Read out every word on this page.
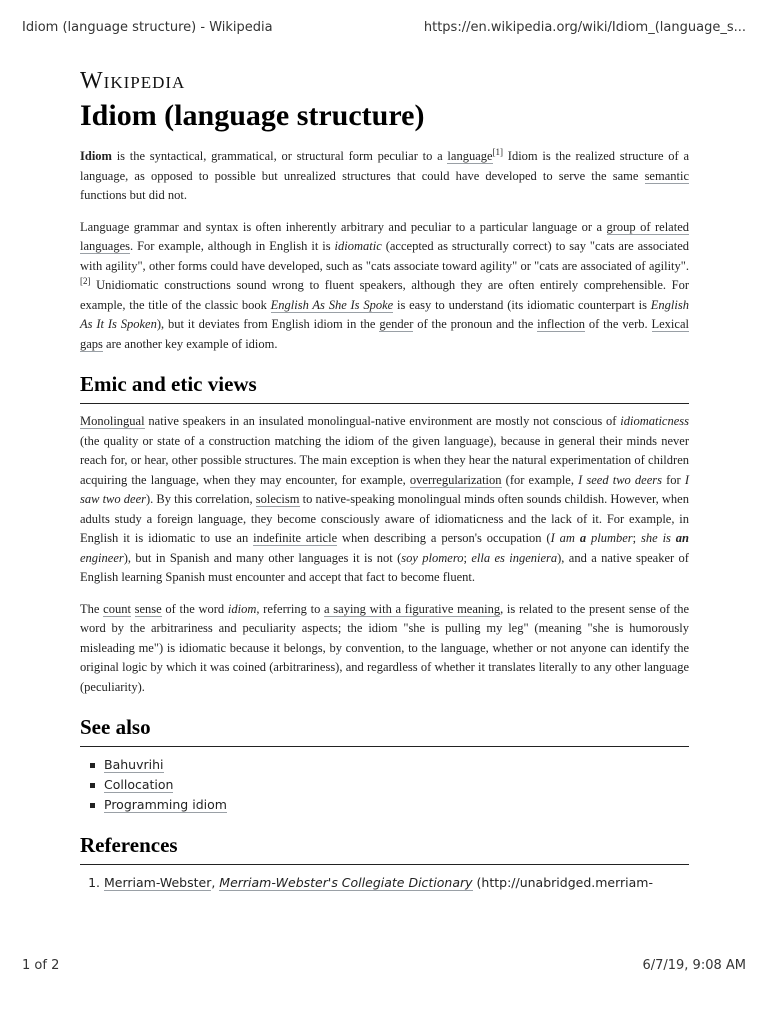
Idiom (language structure) - Wikipedia	https://en.wikipedia.org/wiki/Idiom_(language_s...
Wikipedia
Idiom (language structure)

Idiom is the syntactical, grammatical, or structural form peculiar to a language[1] Idiom is the realized structure of a language, as opposed to possible but unrealized structures that could have developed to serve the same semantic functions but did not.

Language grammar and syntax is often inherently arbitrary and peculiar to a particular language or a group of related languages. For example, although in English it is idiomatic (accepted as structurally correct) to say "cats are associated with agility", other forms could have developed, such as "cats associate toward agility" or "cats are associated of agility".[2] Unidiomatic constructions sound wrong to fluent speakers, although they are often entirely comprehensible. For example, the title of the classic book English As She Is Spoke is easy to understand (its idiomatic counterpart is English As It Is Spoken), but it deviates from English idiom in the gender of the pronoun and the inflection of the verb. Lexical gaps are another key example of idiom.

Emic and etic views

Monolingual native speakers in an insulated monolingual-native environment are mostly not conscious of idiomaticness (the quality or state of a construction matching the idiom of the given language), because in general their minds never reach for, or hear, other possible structures. The main exception is when they hear the natural experimentation of children acquiring the language, when they may encounter, for example, overregularization (for example, I seed two deers for I saw two deer). By this correlation, solecism to native-speaking monolingual minds often sounds childish. However, when adults study a foreign language, they become consciously aware of idiomaticness and the lack of it. For example, in English it is idiomatic to use an indefinite article when describing a person's occupation (I am a plumber; she is an engineer), but in Spanish and many other languages it is not (soy plomero; ella es ingeniera), and a native speaker of English learning Spanish must encounter and accept that fact to become fluent.

The count sense of the word idiom, referring to a saying with a figurative meaning, is related to the present sense of the word by the arbitrariness and peculiarity aspects; the idiom "she is pulling my leg" (meaning "she is humorously misleading me") is idiomatic because it belongs, by convention, to the language, whether or not anyone can identify the original logic by which it was coined (arbitrariness), and regardless of whether it translates literally to any other language (peculiarity).

See also
Bahuvrihi
Collocation
Programming idiom
References
1. Merriam-Webster, Merriam-Webster's Collegiate Dictionary (http://unabridged.merriam-
1 of 2	6/7/19, 9:08 AM
